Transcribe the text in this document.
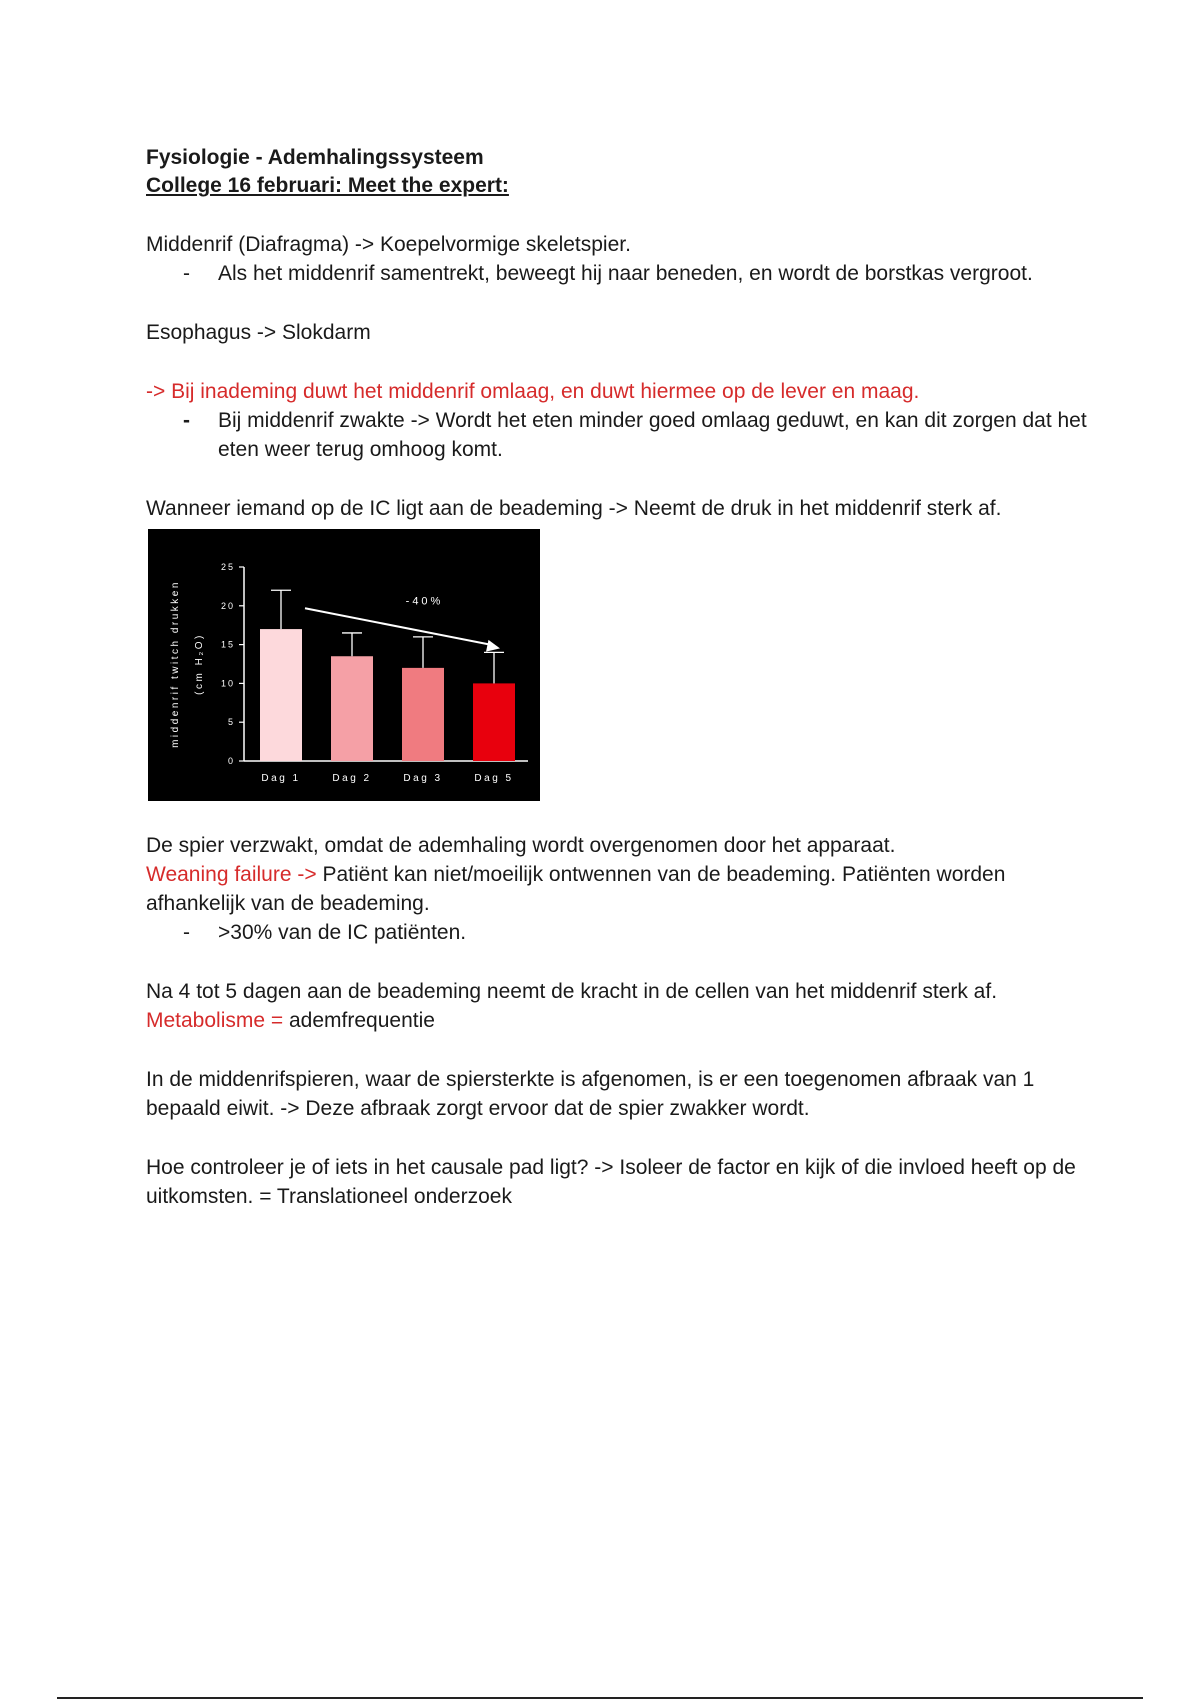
Fysiologie - Ademhalingssysteem
College 16 februari: Meet the expert:

Middenrif (Diafragma) -> Koepelvormige skeletspier.

- Als het middenrif samentrekt, beweegt hij naar beneden, en wordt de borstkas vergroot.

Esophagus -> Slokdarm

-> Bij inademing duwt het middenrif omlaag, en duwt hiermee op de lever en maag.

- Bij middenrif zwakte -> Wordt het eten minder goed omlaag geduwt, en kan dit zorgen dat het eten weer terug omhoog komt.

Wanneer iemand op de IC ligt aan de beademing -> Neemt de druk in het middenrif sterk af.

0
5
10
15
20
25
middenrif twitch drukken (cm H₂O)
Dag 1	Dag 2	Dag 3	Dag 5
-40%

De spier verzwakt, omdat de ademhaling wordt overgenomen door het apparaat.

Weaning failure -> Patiënt kan niet/moeilijk ontwennen van de beademing. Patiënten worden afhankelijk van de beademing.

- >30% van de IC patiënten.

Na 4 tot 5 dagen aan de beademing neemt de kracht in de cellen van het middenrif sterk af.

Metabolisme = ademfrequentie

In de middenrifspieren, waar de spiersterkte is afgenomen, is er een toegenomen afbraak van 1 bepaald eiwit. -> Deze afbraak zorgt ervoor dat de spier zwakker wordt.

Hoe controleer je of iets in het causale pad ligt? -> Isoleer de factor en kijk of die invloed heeft op de uitkomsten. = Translationeel onderzoek
